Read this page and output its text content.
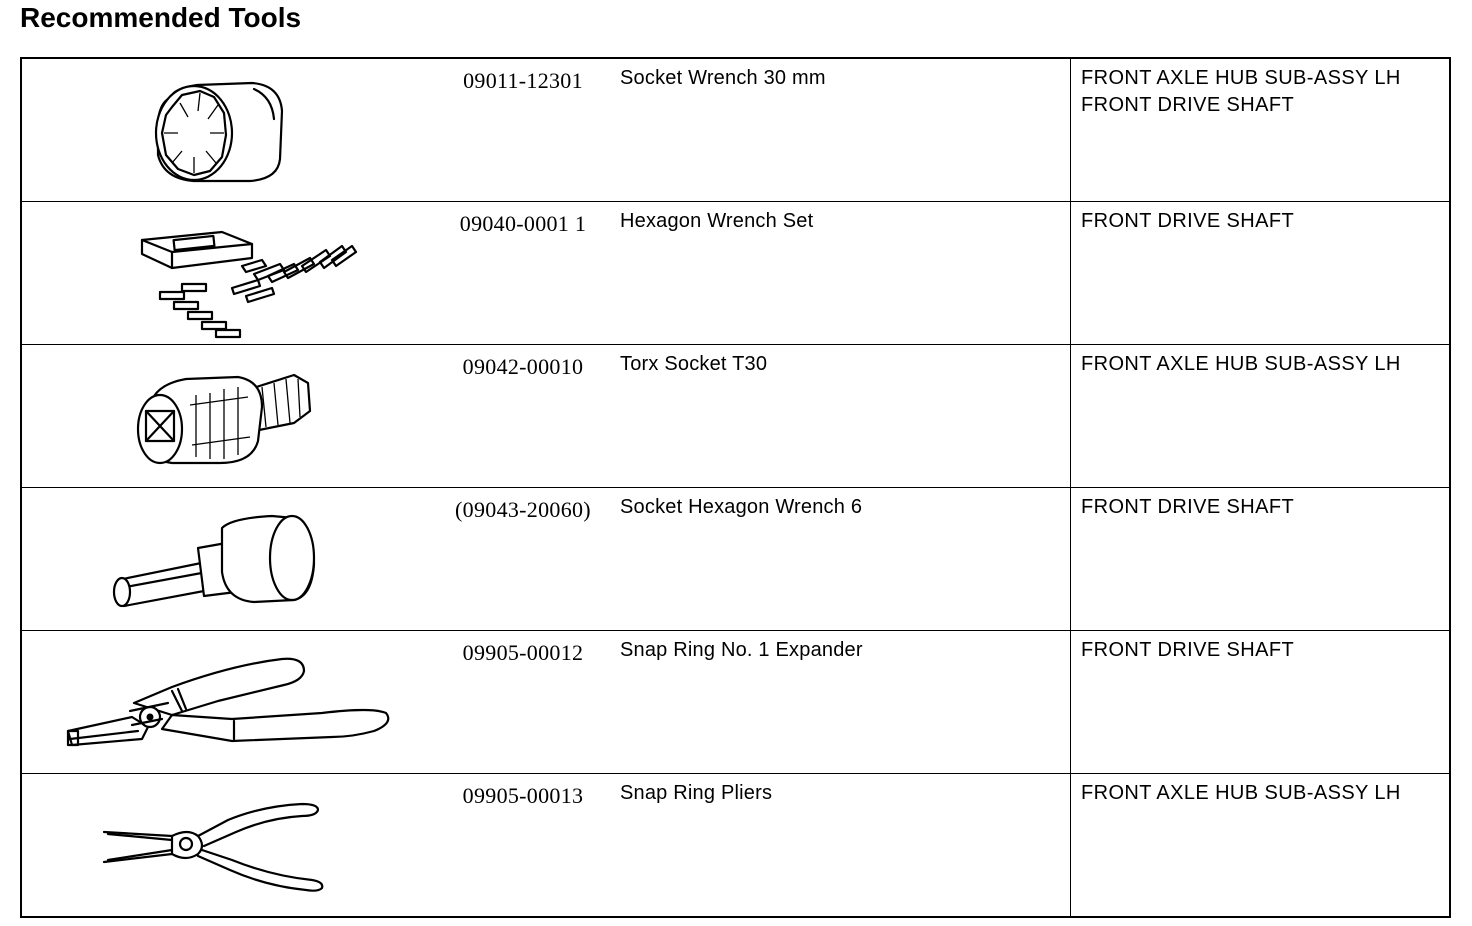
Recommended Tools

09011-12301	Socket Wrench 30 mm	FRONT AXLE HUB SUB-ASSY LH
FRONT DRIVE SHAFT

09040-0001 1	Hexagon Wrench Set	FRONT DRIVE SHAFT

09042-00010	Torx Socket T30	FRONT AXLE HUB SUB-ASSY LH

(09043-20060)	Socket Hexagon Wrench 6	FRONT DRIVE SHAFT

09905-00012	Snap Ring No. 1 Expander	FRONT DRIVE SHAFT

09905-00013	Snap Ring Pliers	FRONT AXLE HUB SUB-ASSY LH
